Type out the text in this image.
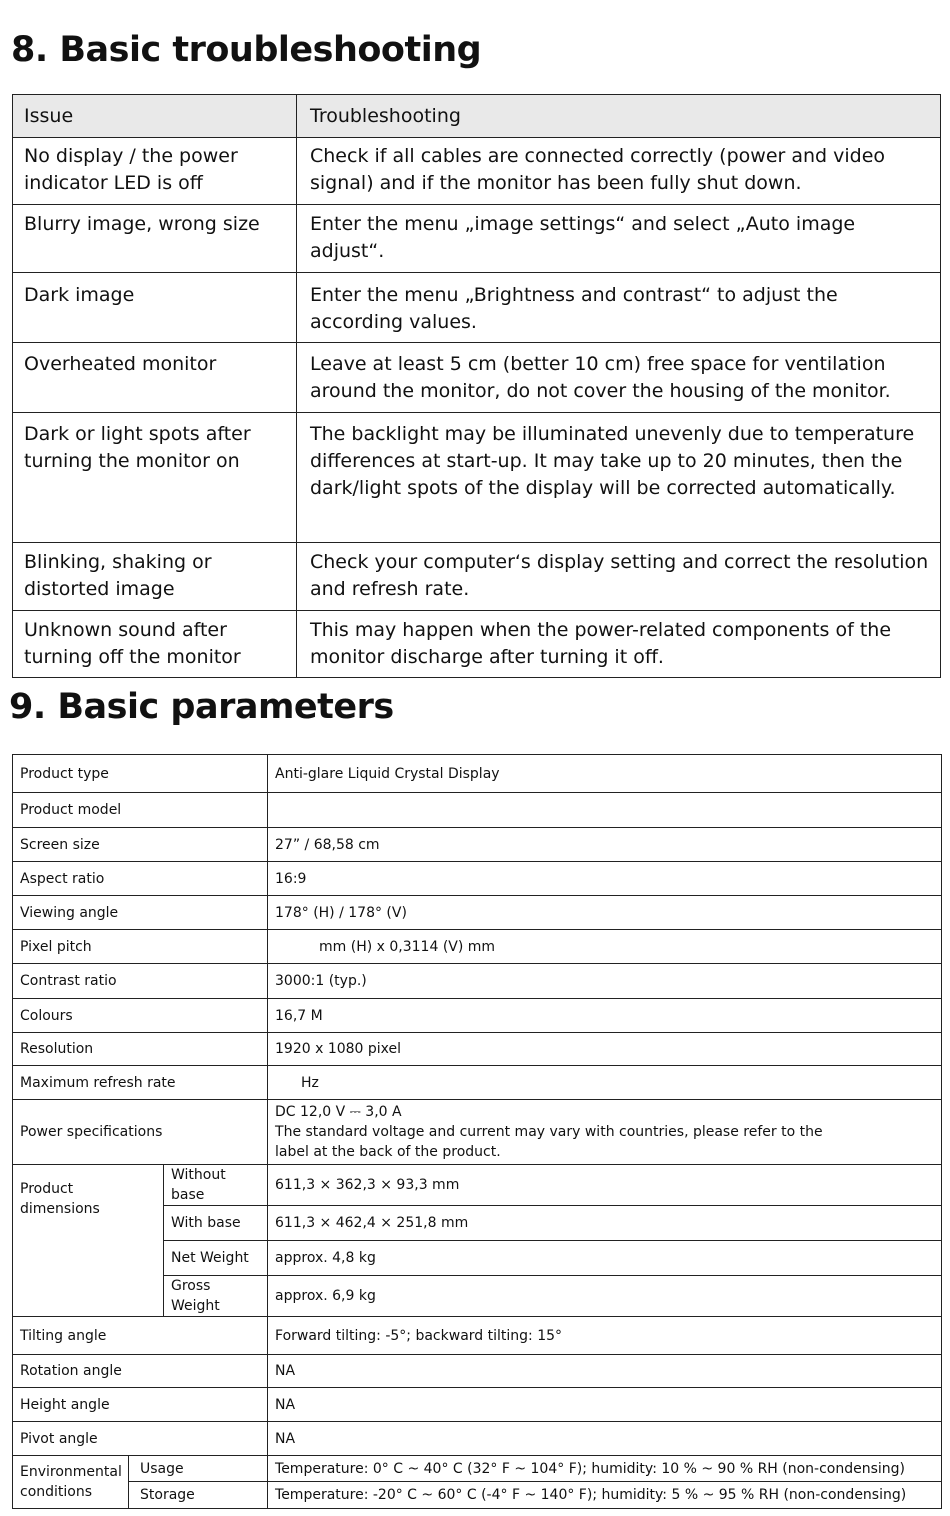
8. Basic troubleshooting
Issue	Troubleshooting
No display / the power indicator LED is off	Check if all cables are connected correctly (power and video signal) and if the monitor has been fully shut down.
Blurry image, wrong size	Enter the menu „image settings“ and select „Auto image adjust“.
Dark image	Enter the menu „Brightness and contrast“ to adjust the according values.
Overheated monitor	Leave at least 5 cm (better 10 cm) free space for ventilation around the monitor, do not cover the housing of the monitor.
Dark or light spots after turning the monitor on	The backlight may be illuminated unevenly due to temperature differences at start-up. It may take up to 20 minutes, then the dark/light spots of the display will be corrected automatically.
Blinking, shaking or distorted image	Check your computer‘s display setting and correct the resolution and refresh rate.
Unknown sound after turning off the monitor	This may happen when the power-related components of the monitor discharge after turning it off.
9. Basic parameters
Product type			Anti-glare Liquid Crystal Display
Product model			
Screen size			27” / 68,58 cm
Aspect ratio			16:9
Viewing angle			178° (H) / 178° (V)
Pixel pitch			mm (H) x 0,3114 (V) mm
Contrast ratio			3000:1 (typ.)
Colours			16,7 M
Resolution			1920 x 1080 pixel
Maximum refresh rate			Hz
Power specifications			DC 12,0 V ⎓ 3,0 A
The standard voltage and current may vary with countries, please refer to the
label at the back of the product.

Product dimensions		Without base	611,3 × 362,3 × 93,3 mm
		With base	611,3 × 462,4 × 251,8 mm
		Net Weight	approx. 4,8 kg
		Gross Weight	approx. 6,9 kg
Tilting angle			Forward tilting: -5°; backward tilting: 15°
Rotation angle			NA
Height angle			NA
Pivot angle			NA

Environmental
conditions	Usage		Temperature: 0° C ~ 40° C (32° F ~ 104° F); humidity: 10 % ~ 90 % RH (non-condensing)
	Storage		Temperature: -20° C ~ 60° C (-4° F ~ 140° F); humidity: 5 % ~ 95 % RH (non-condensing)
